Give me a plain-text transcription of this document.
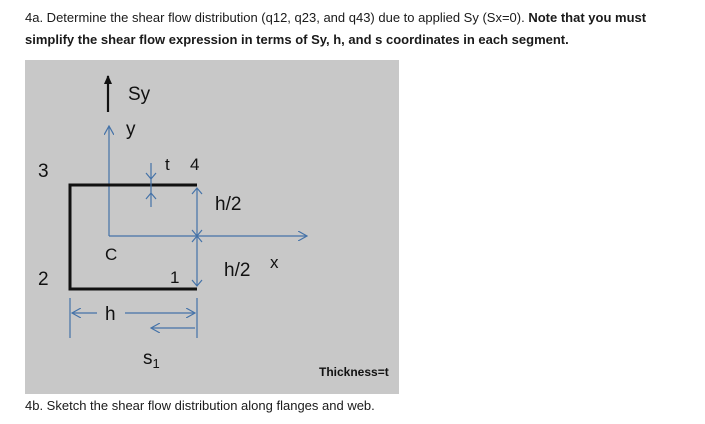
4a. Determine the shear flow distribution (q12, q23, and q43) due to applied Sy (Sx=0). Note that you must simplify the shear flow expression in terms of Sy, h, and s coordinates in each segment.
Sy
y
x
t 4
3
2	1
C
h/2
h/2
h
$s_1$
Thickness=t
4b. Sketch the shear flow distribution along flanges and web.
